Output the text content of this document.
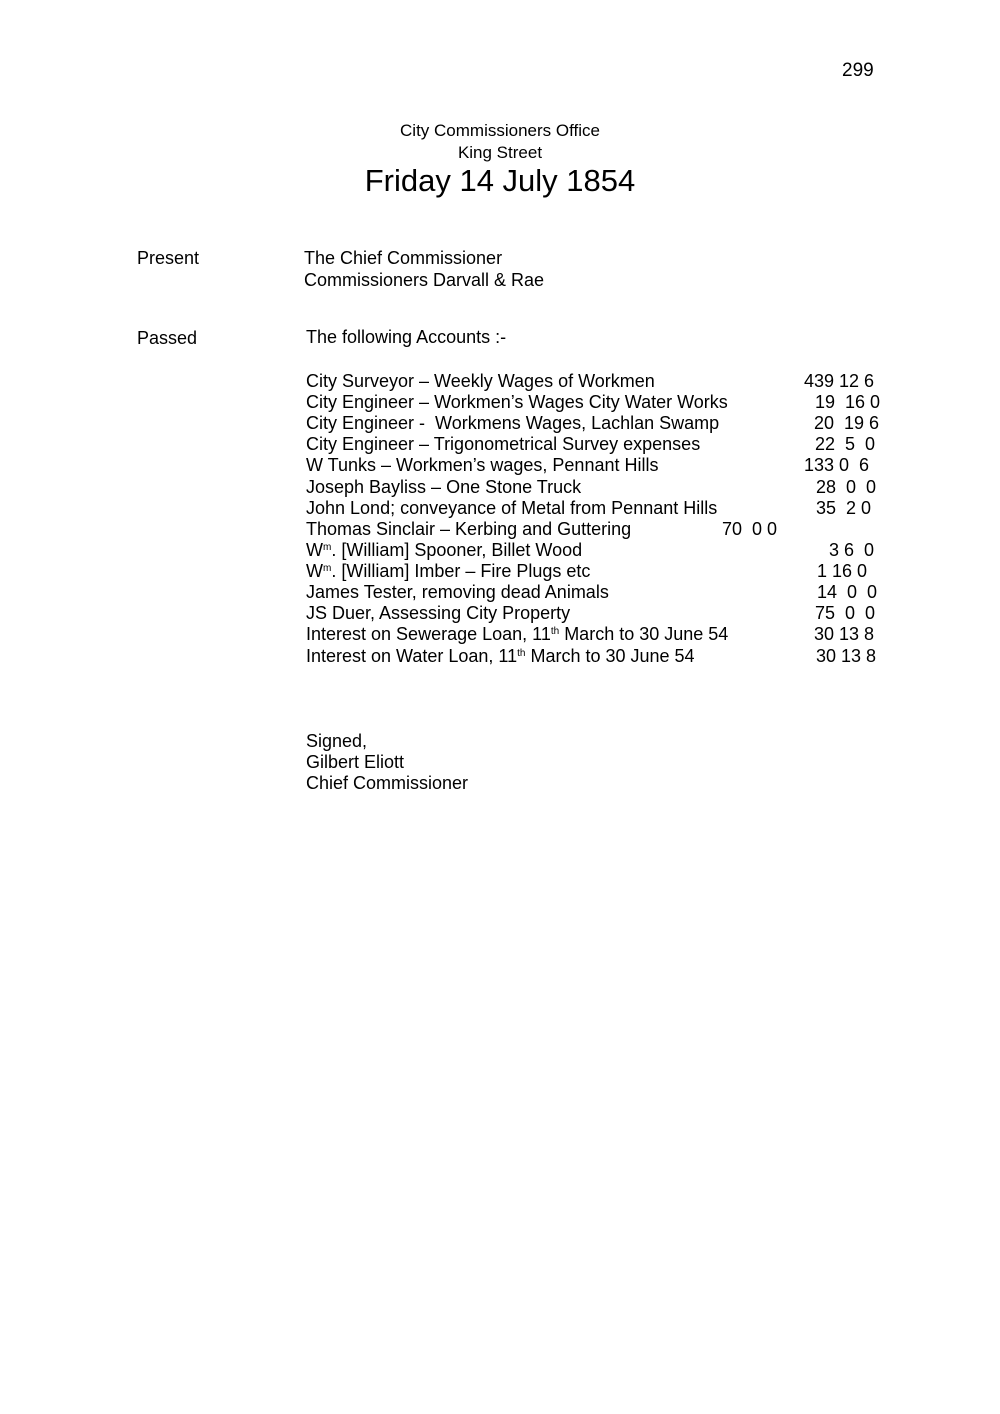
299
City Commissioners Office
King Street
Friday 14 July 1854
Present	The Chief Commissioner
Commissioners Darvall & Rae
Passed	The following Accounts :-
City Surveyor – Weekly Wages of Workmen	439 12 6
City Engineer – Workmen’s Wages City Water Works	19  16 0
City Engineer -  Workmens Wages, Lachlan Swamp	20  19 6
City Engineer – Trigonometrical Survey expenses	22  5  0
W Tunks – Workmen’s wages, Pennant Hills	133 0  6
Joseph Bayliss – One Stone Truck	28  0  0
John Lond; conveyance of Metal from Pennant Hills	35  2 0
Thomas Sinclair – Kerbing and Guttering	70  0 0
$W^m$. [William] Spooner, Billet Wood	3 6  0
$W^m$. [William] Imber – Fire Plugs etc	1 16 0
James Tester, removing dead Animals	14  0  0
JS Duer, Assessing City Property	75  0  0
Interest on Sewerage Loan, 11th March to 30 June 54	30 13 8
Interest on Water Loan, 11th March to 30 June 54	30 13 8
Signed,
Gilbert Eliott
Chief Commissioner
